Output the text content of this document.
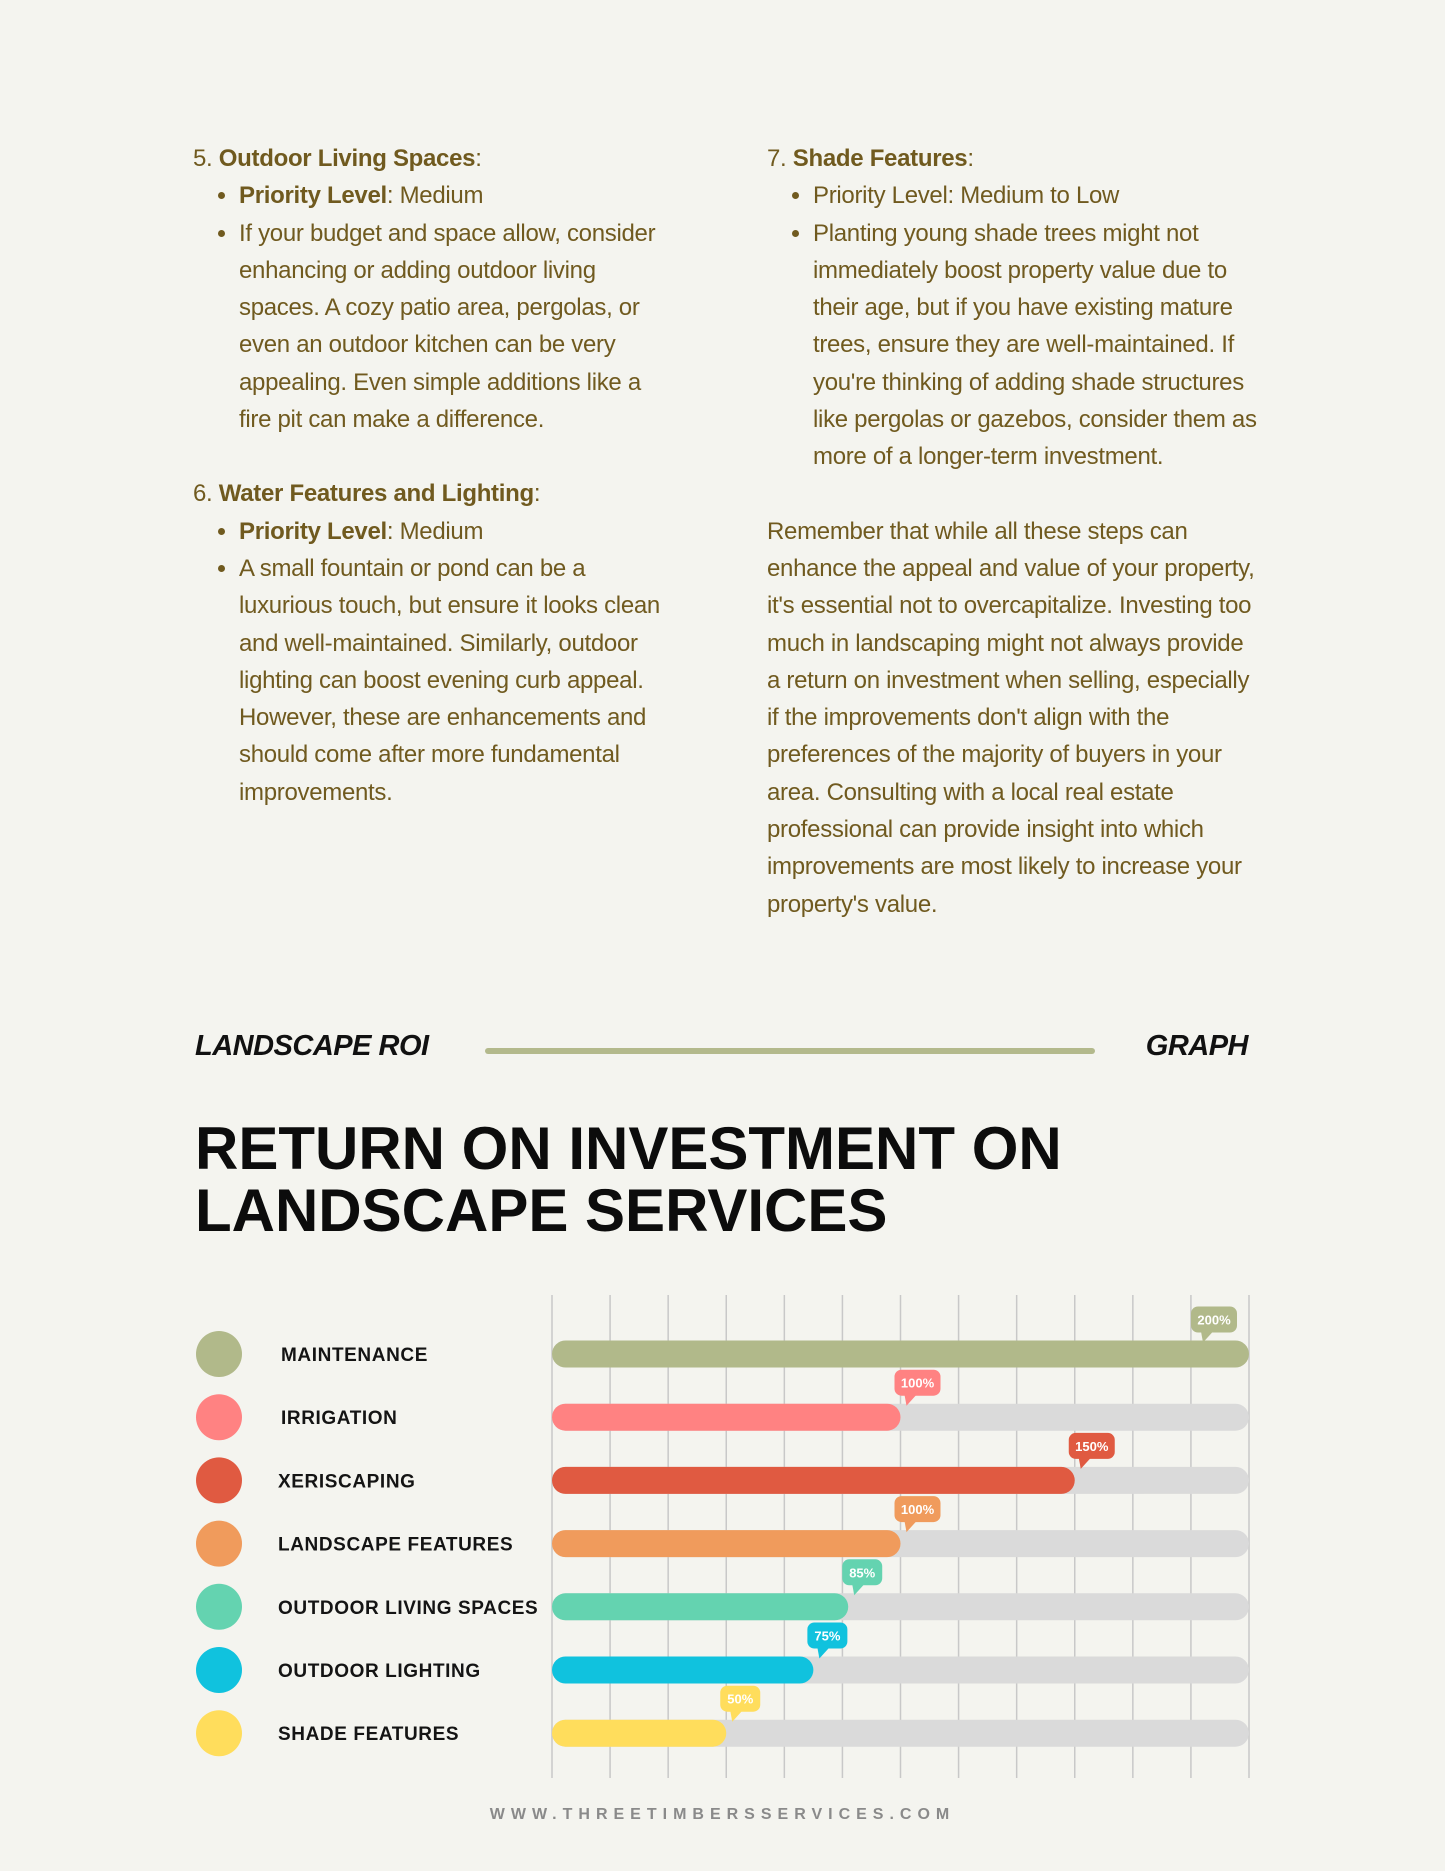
5. Outdoor Living Spaces:
• Priority Level: Medium
• If your budget and space allow, consider enhancing or adding outdoor living spaces. A cozy patio area, pergolas, or even an outdoor kitchen can be very appealing. Even simple additions like a fire pit can make a difference.
6. Water Features and Lighting:
• Priority Level: Medium
• A small fountain or pond can be a luxurious touch, but ensure it looks clean and well-maintained. Similarly, outdoor lighting can boost evening curb appeal. However, these are enhancements and should come after more fundamental improvements.
7. Shade Features:
• Priority Level: Medium to Low
• Planting young shade trees might not immediately boost property value due to their age, but if you have existing mature trees, ensure they are well-maintained. If you're thinking of adding shade structures like pergolas or gazebos, consider them as more of a longer-term investment.

Remember that while all these steps can enhance the appeal and value of your property, it's essential not to overcapitalize. Investing too much in landscaping might not always provide a return on investment when selling, especially if the improvements don't align with the preferences of the majority of buyers in your area. Consulting with a local real estate professional can provide insight into which improvements are most likely to increase your property's value.

LANDSCAPE ROI	GRAPH
RETURN ON INVESTMENT ON
LANDSCAPE SERVICES
MAINTENANCE
200%
IRRIGATION
100%
XERISCAPING
150%
LANDSCAPE FEATURES
100%
OUTDOOR LIVING SPACES
85%
OUTDOOR LIGHTING
75%
SHADE FEATURES
50%
WWW.THREETIMBERSSERVICES.COM
